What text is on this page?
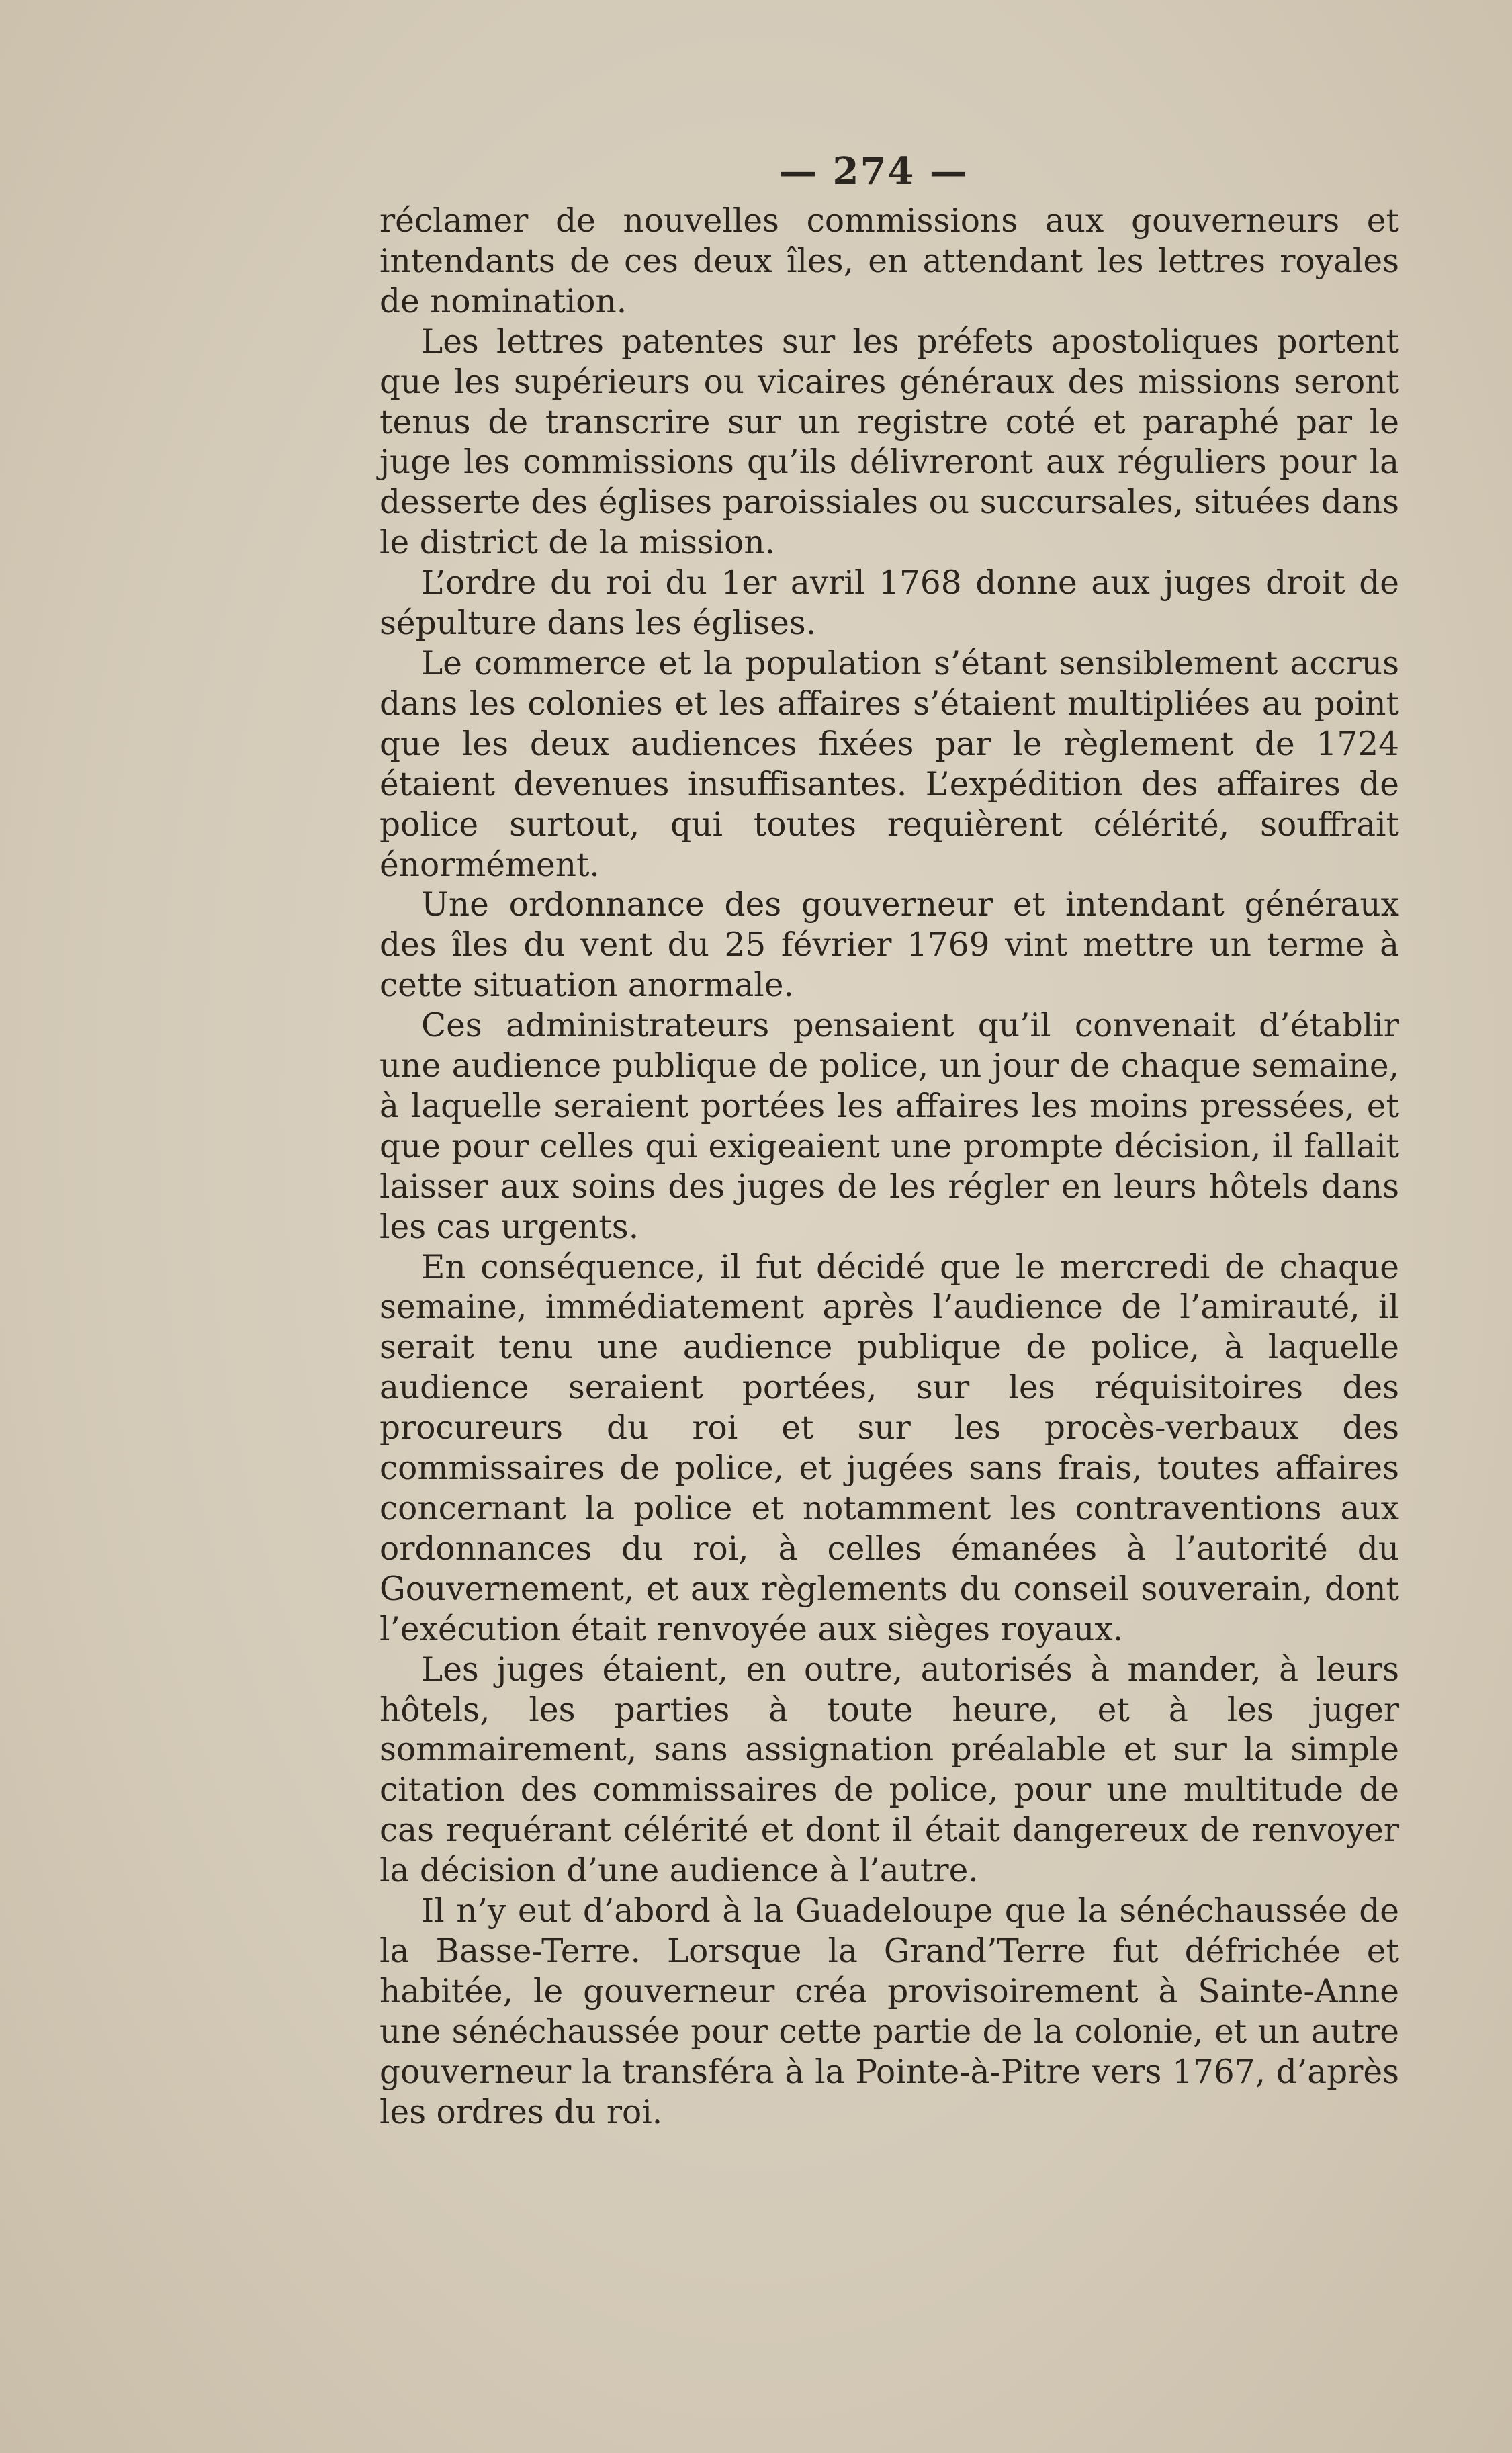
— 274 —

réclamer de nouvelles commissions aux gouverneurs et intendants de ces deux îles, en attendant les lettres royales de nomination.

Les lettres patentes sur les préfets apostoliques portent que les supérieurs ou vicaires généraux des missions seront tenus de transcrire sur un registre coté et paraphé par le juge les commissions qu’ils délivreront aux réguliers pour la desserte des églises paroissiales ou succursales, situées dans le district de la mission.

L’ordre du roi du 1er avril 1768 donne aux juges droit de sépulture dans les églises.

Le commerce et la population s’étant sensiblement accrus dans les colonies et les affaires s’étaient multipliées au point que les deux audiences fixées par le règlement de 1724 étaient devenues insuffisantes. L’expédition des affaires de police surtout, qui toutes requièrent célérité, souffrait énormément.

Une ordonnance des gouverneur et intendant généraux des îles du vent du 25 février 1769 vint mettre un terme à cette situation anormale.

Ces administrateurs pensaient qu’il convenait d’établir une audience publique de police, un jour de chaque semaine, à laquelle seraient portées les affaires les moins pressées, et que pour celles qui exigeaient une prompte décision, il fallait laisser aux soins des juges de les régler en leurs hôtels dans les cas urgents.

En conséquence, il fut décidé que le mercredi de chaque semaine, immédiatement après l’audience de l’amirauté, il serait tenu une audience publique de police, à laquelle audience seraient portées, sur les réquisitoires des procureurs du roi et sur les procès-verbaux des commissaires de police, et jugées sans frais, toutes affaires concernant la police et notamment les contraventions aux ordonnances du roi, à celles émanées à l’autorité du Gouvernement, et aux règlements du conseil souverain, dont l’exécution était renvoyée aux sièges royaux.

Les juges étaient, en outre, autorisés à mander, à leurs hôtels, les parties à toute heure, et à les juger sommairement, sans assignation préalable et sur la simple citation des commissaires de police, pour une multitude de cas requérant célérité et dont il était dangereux de renvoyer la décision d’une audience à l’autre.

Il n’y eut d’abord à la Guadeloupe que la sénéchaussée de la Basse-Terre. Lorsque la Grand’Terre fut défrichée et habitée, le gouverneur créa provisoirement à Sainte-Anne une sénéchaussée pour cette partie de la colonie, et un autre gouverneur la transféra à la Pointe-à-Pitre vers 1767, d’après les ordres du roi.
